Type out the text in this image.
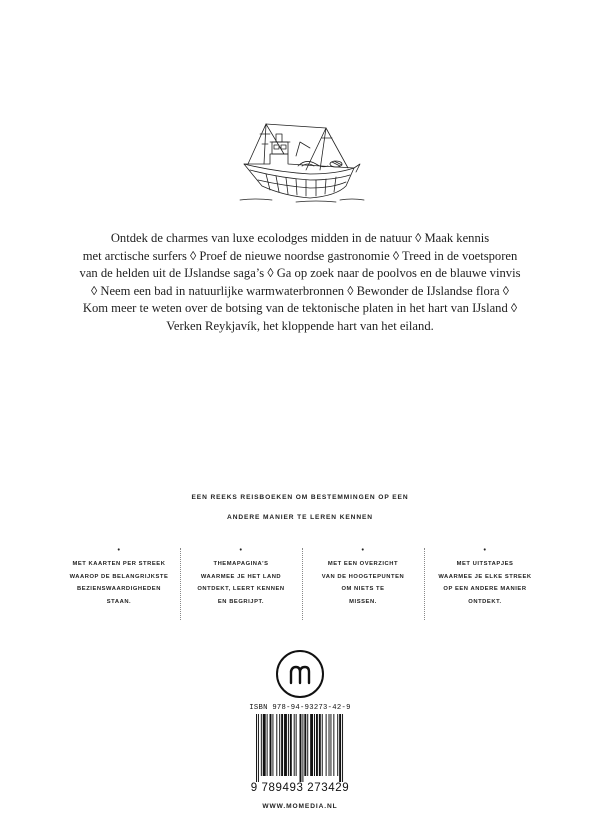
Ontdek de charmes van luxe ecolodges midden in de natuur ◊ Maak kennis
met arctische surfers ◊ Proef de nieuwe noordse gastronomie ◊ Treed in de voetsporen
van de helden uit de IJslandse saga’s ◊ Ga op zoek naar de poolvos en de blauwe vinvis
◊ Neem een bad in natuurlijke warmwaterbronnen ◊ Bewonder de IJslandse flora ◊
Kom meer te weten over de botsing van de tektonische platen in het hart van IJsland ◊
Verken Reykjavík, het kloppende hart van het eiland.
EEN REEKS REISBOEKEN OM BESTEMMINGEN OP EEN
ANDERE MANIER TE LEREN KENNEN
•
MET KAARTEN PER STREEK
WAAROP DE BELANGRIJKSTE
BEZIENSWAARDIGHEDEN
STAAN.
•
THEMAPAGINA’S
WAARMEE JE HET LAND
ONTDEKT, LEERT KENNEN
EN BEGRIJPT.
•
MET EEN OVERZICHT
VAN DE HOOGTEPUNTEN
OM NIETS TE
MISSEN.
•
MET UITSTAPJES
WAARMEE JE ELKE STREEK
OP EEN ANDERE MANIER
ONTDEKT.
ISBN 978-94-93273-42-9
9 789493 273429
WWW.MOMEDIA.NL
